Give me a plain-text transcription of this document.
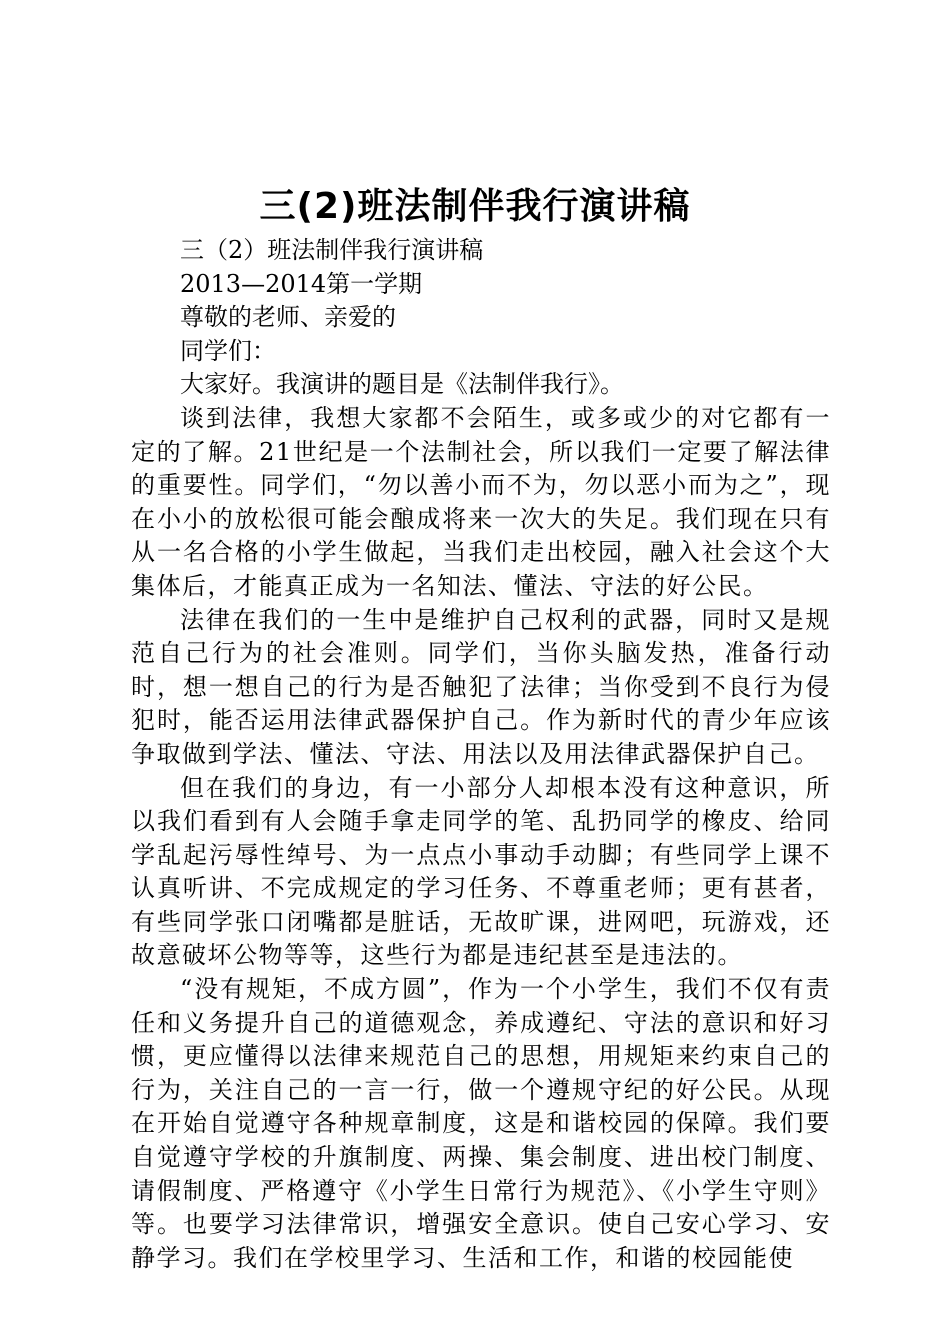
三(2)班法制伴我行演讲稿
三（2）班法制伴我行演讲稿
2013—2014第一学期
尊敬的老师、亲爱的
同学们：
大家好。我演讲的题目是《法制伴我行》。

谈到法律，我想大家都不会陌生，或多或少的对它都有一定的了解。21世纪是一个法制社会，所以我们一定要了解法律的重要性。同学们，“勿以善小而不为，勿以恶小而为之”，现在小小的放松很可能会酿成将来一次大的失足。我们现在只有从一名合格的小学生做起，当我们走出校园，融入社会这个大集体后，才能真正成为一名知法、懂法、守法的好公民。

法律在我们的一生中是维护自己权利的武器，同时又是规范自己行为的社会准则。同学们，当你头脑发热，准备行动时，想一想自己的行为是否触犯了法律；当你受到不良行为侵犯时，能否运用法律武器保护自己。作为新时代的青少年应该争取做到学法、懂法、守法、用法以及用法律武器保护自己。

但在我们的身边，有一小部分人却根本没有这种意识，所以我们看到有人会随手拿走同学的笔、乱扔同学的橡皮、给同学乱起污辱性绰号、为一点点小事动手动脚；有些同学上课不认真听讲、不完成规定的学习任务、不尊重老师；更有甚者，有些同学张口闭嘴都是脏话，无故旷课，进网吧，玩游戏，还故意破坏公物等等，这些行为都是违纪甚至是违法的。

“没有规矩，不成方圆”，作为一个小学生，我们不仅有责任和义务提升自己的道德观念，养成遵纪、守法的意识和好习惯，更应懂得以法律来规范自己的思想，用规矩来约束自己的行为，关注自己的一言一行，做一个遵规守纪的好公民。从现在开始自觉遵守各种规章制度，这是和谐校园的保障。我们要自觉遵守学校的升旗制度、两操、集会制度、进出校门制度、请假制度、严格遵守《小学生日常行为规范》、《小学生守则》等。也要学习法律常识，增强安全意识。使自己安心学习、安静学习。我们在学校里学习、生活和工作，和谐的校园能使
